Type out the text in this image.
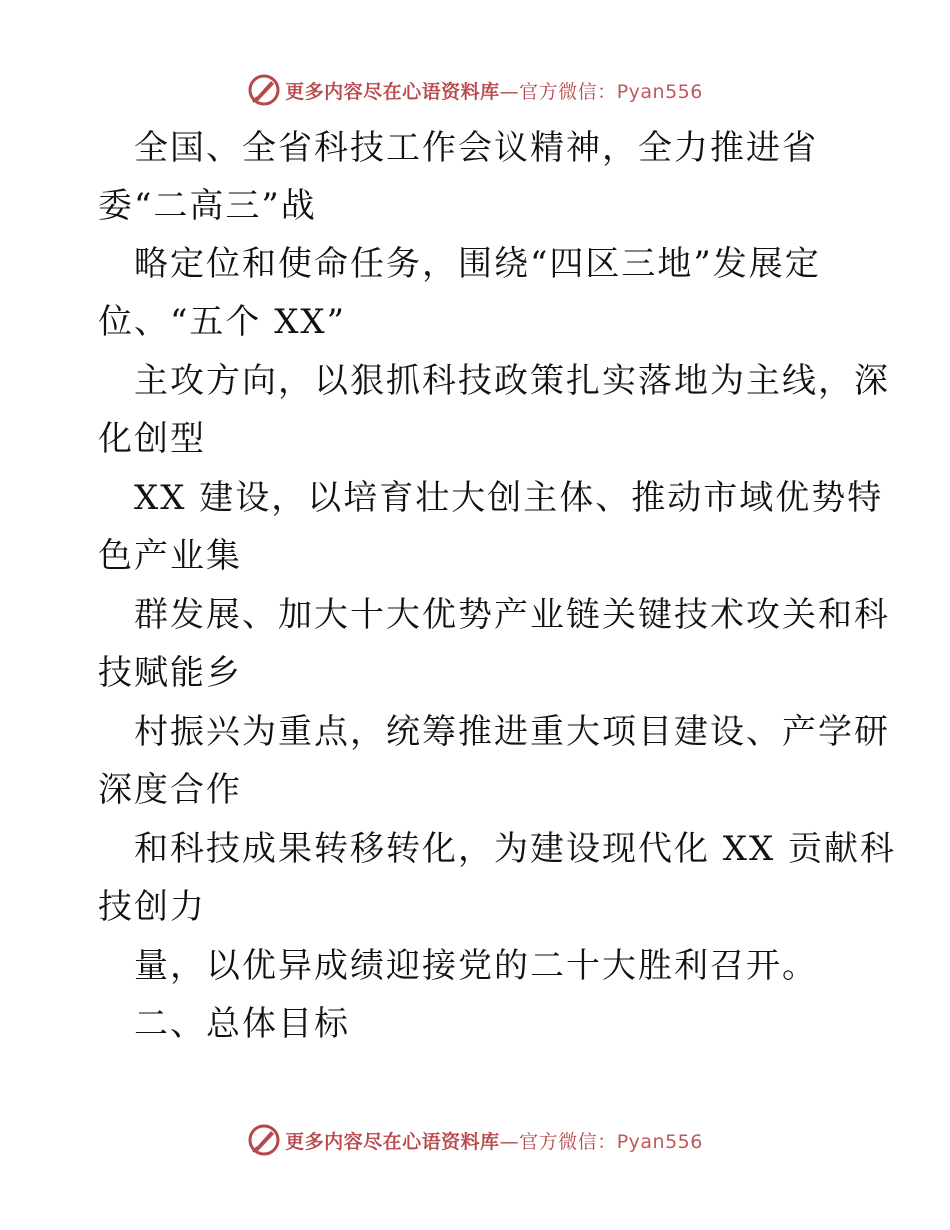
更多内容尽在心语资料库—官方微信：Pyan556
全国、全省科技工作会议精神，全力推进省
委“二高三”战
略定位和使命任务，围绕“四区三地”发展定
位、“五个 XX”
主攻方向，以狠抓科技政策扎实落地为主线，深
化创型
XX 建设，以培育壮大创主体、推动市域优势特
色产业集
群发展、加大十大优势产业链关键技术攻关和科
技赋能乡
村振兴为重点，统筹推进重大项目建设、产学研
深度合作
和科技成果转移转化，为建设现代化 XX 贡献科
技创力
量，以优异成绩迎接党的二十大胜利召开。
二、总体目标
更多内容尽在心语资料库—官方微信：Pyan556
